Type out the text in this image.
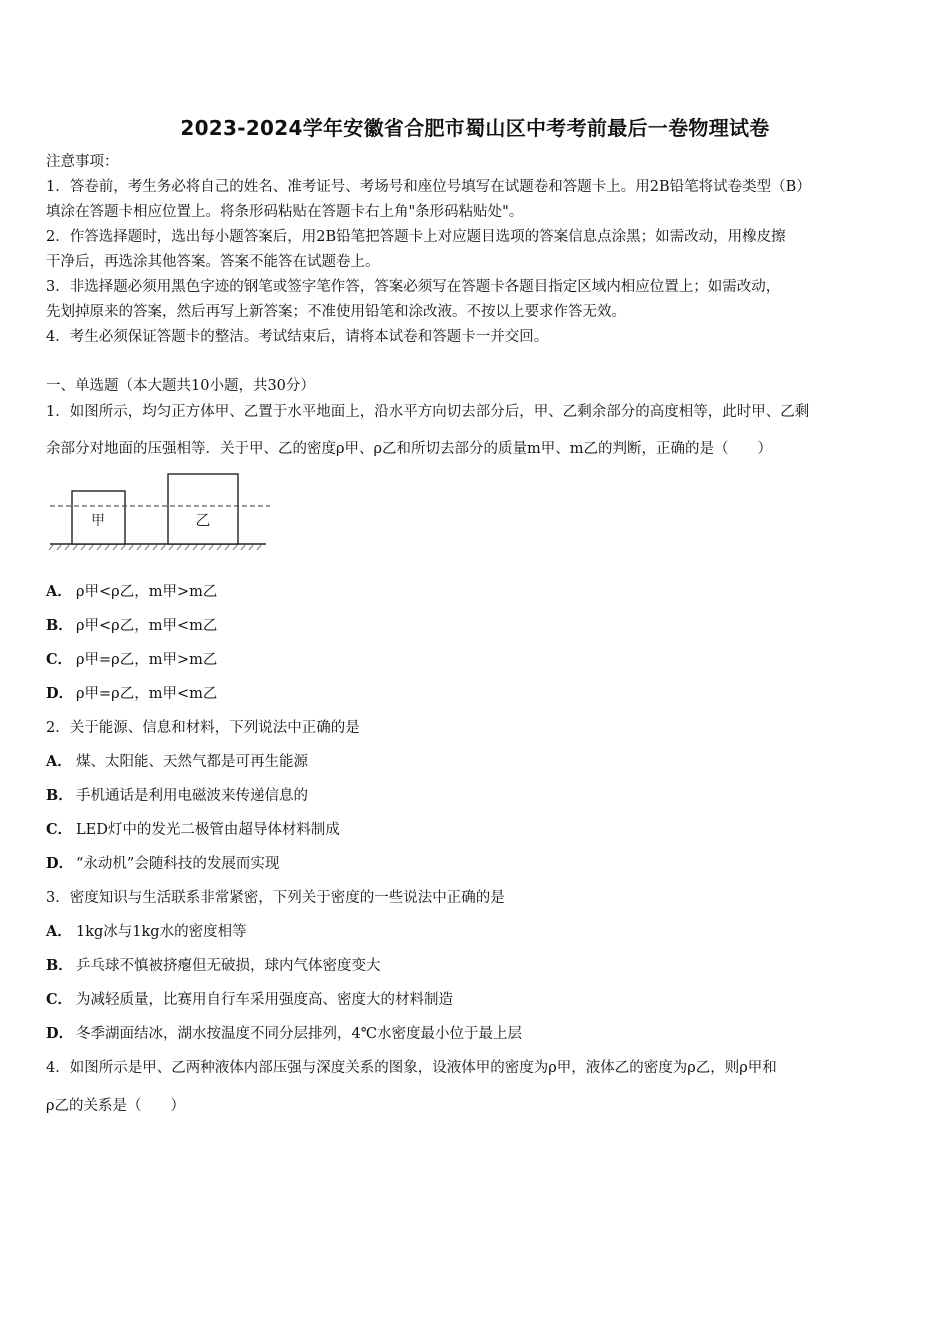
2023-2024学年安徽省合肥市蜀山区中考考前最后一卷物理试卷
注意事项：
1．答卷前，考生务必将自己的姓名、准考证号、考场号和座位号填写在试题卷和答题卡上。用2B铅笔将试卷类型（B）
填涂在答题卡相应位置上。将条形码粘贴在答题卡右上角"条形码粘贴处"。
2．作答选择题时，选出每小题答案后，用2B铅笔把答题卡上对应题目选项的答案信息点涂黑；如需改动，用橡皮擦
干净后，再选涂其他答案。答案不能答在试题卷上。
3．非选择题必须用黑色字迹的钢笔或签字笔作答，答案必须写在答题卡各题目指定区域内相应位置上；如需改动，
先划掉原来的答案，然后再写上新答案；不准使用铅笔和涂改液。不按以上要求作答无效。
4．考生必须保证答题卡的整洁。考试结束后，请将本试卷和答题卡一并交回。
一、单选题（本大题共10小题，共30分）
1．如图所示，均匀正方体甲、乙置于水平地面上，沿水平方向切去部分后，甲、乙剩余部分的高度相等，此时甲、乙剩
余部分对地面的压强相等．关于甲、乙的密度ρ甲、ρ乙和所切去部分的质量m甲、m乙的判断，正确的是（　　）
甲	乙
A． ρ甲<ρ乙，m甲>m乙
B． ρ甲<ρ乙，m甲<m乙
C． ρ甲=ρ乙，m甲>m乙
D． ρ甲=ρ乙，m甲<m乙
2．关于能源、信息和材料，下列说法中正确的是
A． 煤、太阳能、天然气都是可再生能源
B． 手机通话是利用电磁波来传递信息的
C． LED灯中的发光二极管由超导体材料制成
D． “永动机”会随科技的发展而实现
3．密度知识与生活联系非常紧密，下列关于密度的一些说法中正确的是
A． 1kg冰与1kg水的密度相等
B． 乒乓球不慎被挤瘪但无破损，球内气体密度变大
C． 为减轻质量，比赛用自行车采用强度高、密度大的材料制造
D． 冬季湖面结冰，湖水按温度不同分层排列，4℃水密度最小位于最上层
4．如图所示是甲、乙两种液体内部压强与深度关系的图象，设液体甲的密度为ρ甲，液体乙的密度为ρ乙，则ρ甲和
ρ乙的关系是（　　）
